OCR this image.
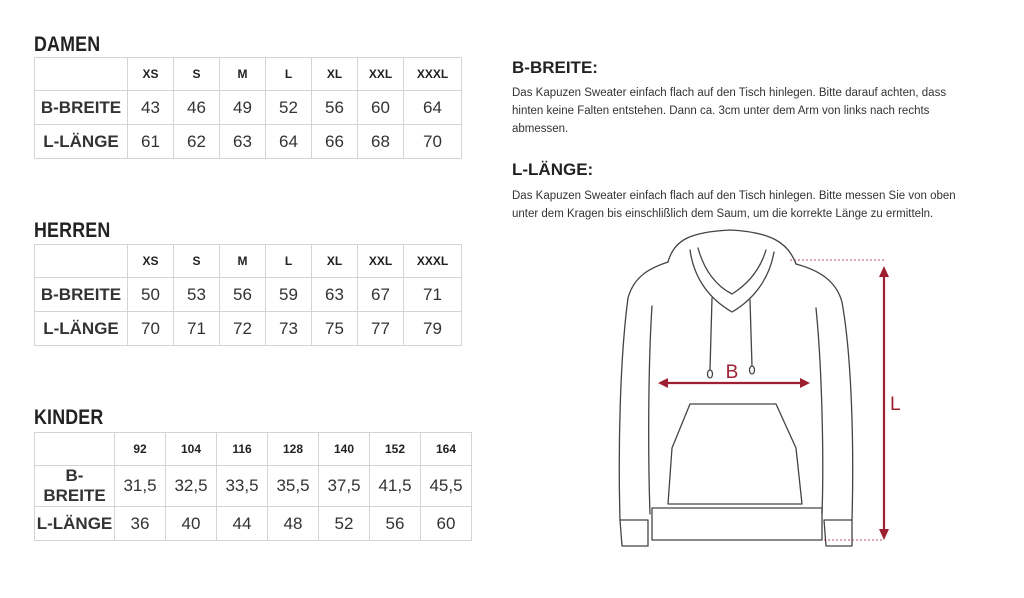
DAMEN
	XS	S	M	L	XL	XXL	XXXL
B-BREITE	43	46	49	52	56	60	64
L-LÄNGE	61	62	63	64	66	68	70
HERREN
	XS	S	M	L	XL	XXL	XXXL
B-BREITE	50	53	56	59	63	67	71
L-LÄNGE	70	71	72	73	75	77	79
KINDER
	92	104	116	128	140	152	164
B-BREITE	31,5	32,5	33,5	35,5	37,5	41,5	45,5
L-LÄNGE	36	40	44	48	52	56	60
B-BREITE:
Das Kapuzen Sweater einfach flach auf den Tisch hinlegen. Bitte darauf achten, dass
hinten keine Falten entstehen. Dann ca. 3cm unter dem Arm von links nach rechts
abmessen.
L-LÄNGE:
Das Kapuzen Sweater einfach flach auf den Tisch hinlegen. Bitte messen Sie von oben
unter dem Kragen bis einschlißlich dem Saum, um die korrekte Länge zu ermitteln.
B
L
